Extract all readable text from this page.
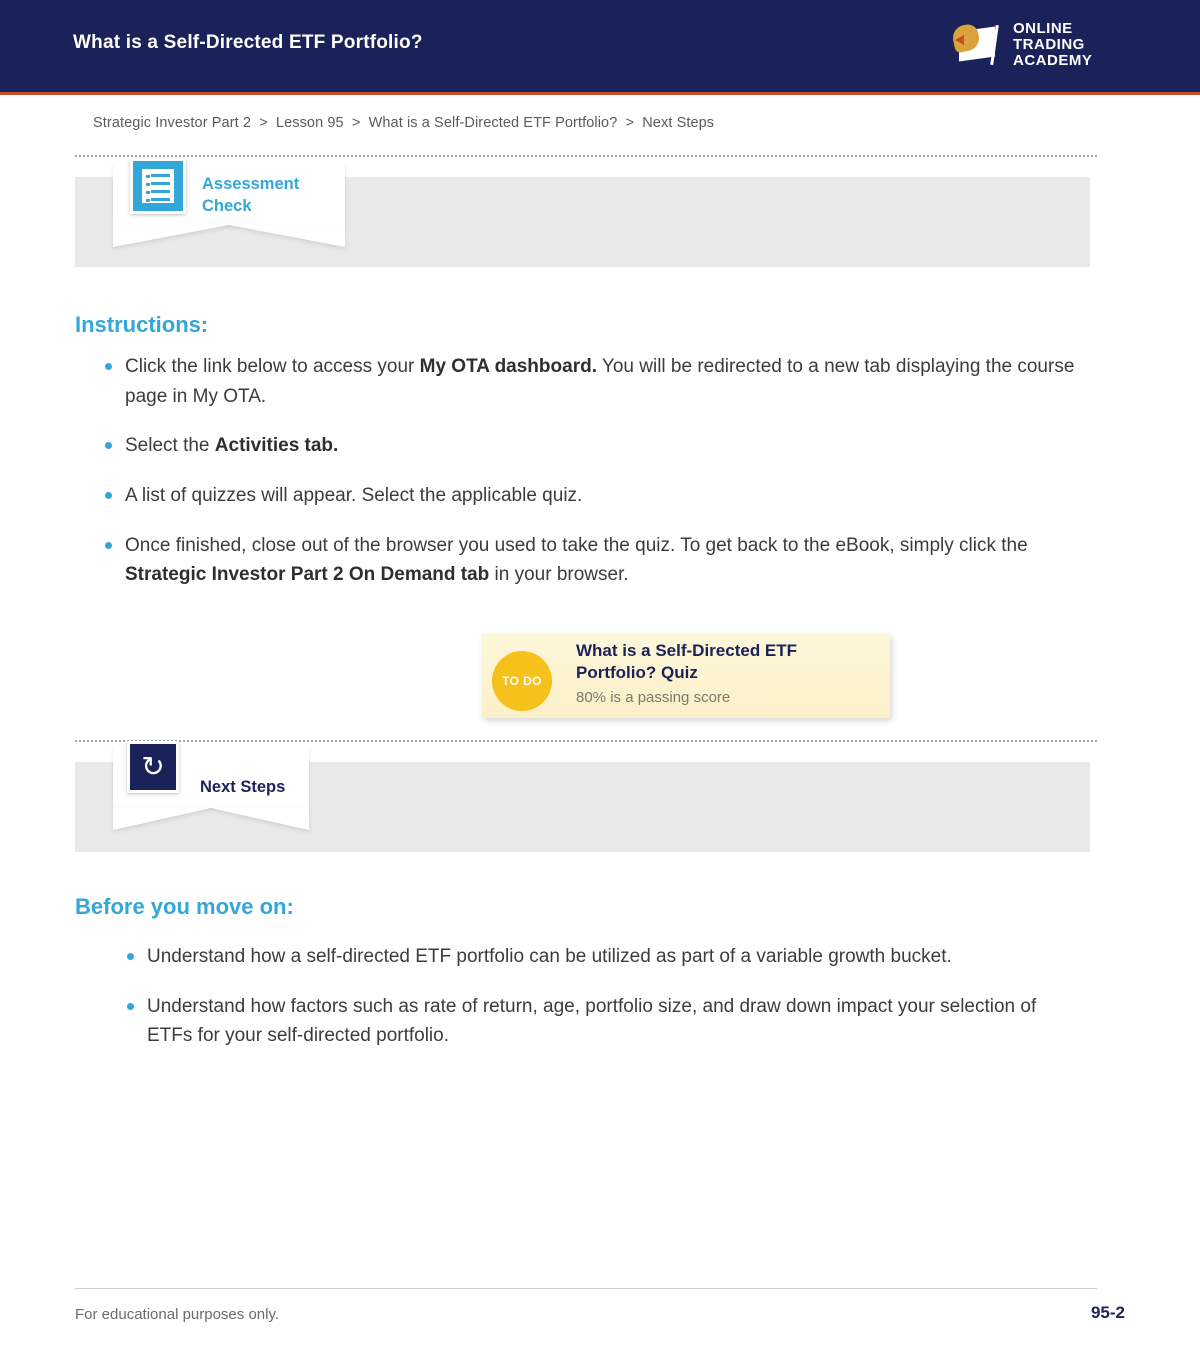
What is a Self-Directed ETF Portfolio?
ONLINE TRADING
ACADEMY
Strategic Investor Part 2 > Lesson 95 > What is a Self-Directed ETF Portfolio? > Next Steps
Assessment
Check
Instructions:
Click the link below to access your My OTA dashboard. You will be redirected to a new tab displaying the course page in My OTA.
Select the Activities tab.
A list of quizzes will appear. Select the applicable quiz.
Once finished, close out of the browser you used to take the quiz. To get back to the eBook, simply click the Strategic Investor Part 2 On Demand tab in your browser.
TO DO
What is a Self-Directed ETF Portfolio? Quiz
80% is a passing score
↻
Next Steps
Before you move on:
Understand how a self-directed ETF portfolio can be utilized as part of a variable growth bucket.
Understand how factors such as rate of return, age, portfolio size, and draw down impact your selection of ETFs for your self-directed portfolio.
For educational purposes only.	95-2
